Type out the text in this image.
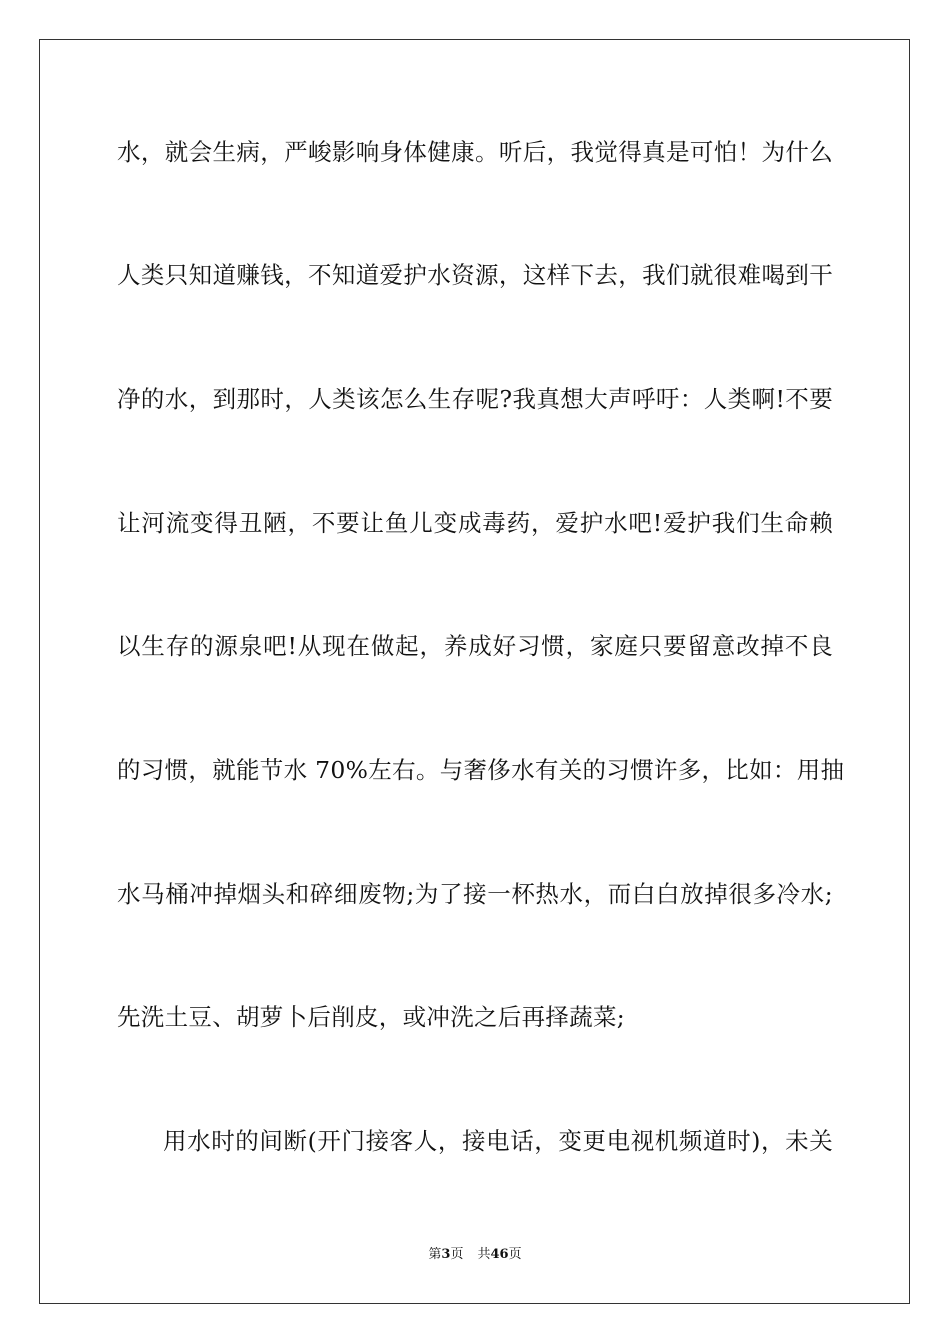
水，就会生病，严峻影响身体健康。听后，我觉得真是可怕！为什么
人类只知道赚钱，不知道爱护水资源，这样下去，我们就很难喝到干
净的水，到那时，人类该怎么生存呢?我真想大声呼吁：人类啊!不要
让河流变得丑陋，不要让鱼儿变成毒药，爱护水吧!爱护我们生命赖
以生存的源泉吧!从现在做起，养成好习惯，家庭只要留意改掉不良
的习惯，就能节水 70%左右。与奢侈水有关的习惯许多，比如：用抽
水马桶冲掉烟头和碎细废物;为了接一杯热水，而白白放掉很多冷水;
先洗土豆、胡萝卜后削皮，或冲洗之后再择蔬菜;
用水时的间断(开门接客人，接电话，变更电视机频道时)，未关
第3页 共46页
